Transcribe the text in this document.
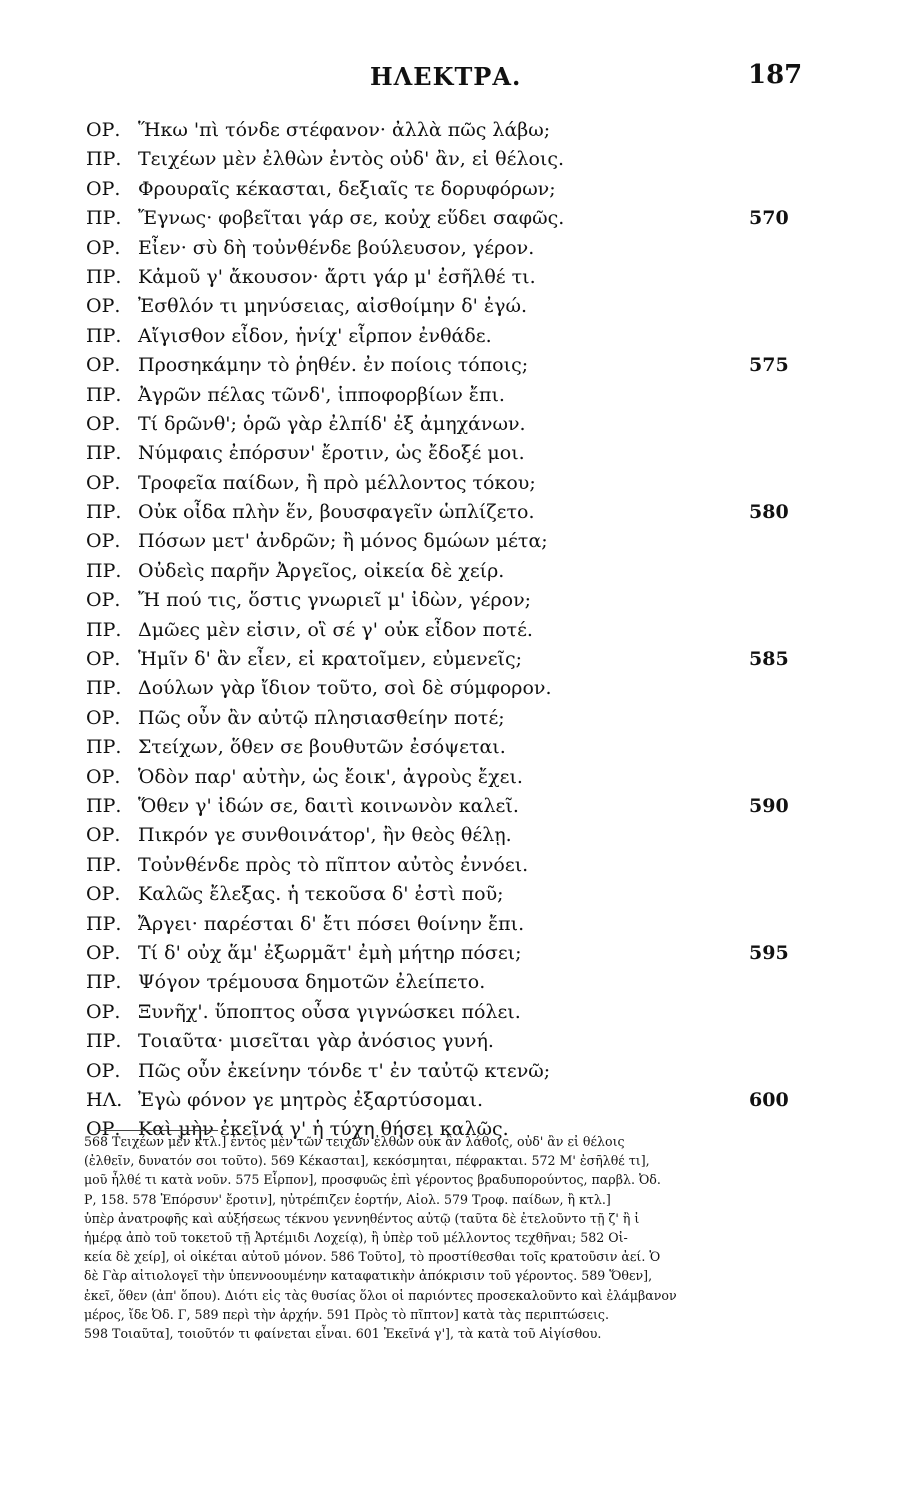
ΗΛΕΚΤΡΑ.	187
ΟΡ. Ἥκω 'πὶ τόνδε στέφανον· ἀλλὰ πῶς λάβω;
ΠΡ. Τειχέων μὲν ἐλθὼν ἐντὸς οὐδ' ἂν, εἰ θέλοις.
ΟΡ. Φρουραῖς κέκασται, δεξιαῖς τε δορυφόρων;
ΠΡ. Ἔγνως· φοβεῖται γάρ σε, κοὐχ εὕδει σαφῶς.	570
ΟΡ. Εἶεν· σὺ δὴ τοὐνθένδε βούλευσον, γέρον.
ΠΡ. Κἀμοῦ γ' ἄκουσον· ἄρτι γάρ μ' ἐσῆλθέ τι.
ΟΡ. Ἐσθλόν τι μηνύσειας, αἰσθοίμην δ' ἐγώ.
ΠΡ. Αἴγισθον εἶδον, ἡνίχ' εἷρπον ἐνθάδε.
ΟΡ. Προσηκάμην τὸ ῥηθέν. ἐν ποίοις τόποις;	575
ΠΡ. Ἀγρῶν πέλας τῶνδ', ἱπποφορβίων ἔπι.
ΟΡ. Τί δρῶνθ'; ὁρῶ γὰρ ἐλπίδ' ἐξ ἀμηχάνων.
ΠΡ. Νύμφαις ἐπόρσυν' ἔροτιν, ὡς ἔδοξέ μοι.
ΟΡ. Τροφεῖα παίδων, ἢ πρὸ μέλλοντος τόκου;
ΠΡ. Οὐκ οἶδα πλὴν ἕν, βουσφαγεῖν ὡπλίζετο.	580
ΟΡ. Πόσων μετ' ἀνδρῶν; ἢ μόνος δμώων μέτα;
ΠΡ. Οὐδεὶς παρῆν Ἀργεῖος, οἰκεία δὲ χείρ.
ΟΡ. Ἤ πού τις, ὅστις γνωριεῖ μ' ἰδὼν, γέρον;
ΠΡ. Δμῶες μὲν εἰσιν, οἳ σέ γ' οὐκ εἶδον ποτέ.
ΟΡ. Ἡμῖν δ' ἂν εἶεν, εἰ κρατοῖμεν, εὐμενεῖς;	585
ΠΡ. Δούλων γὰρ ἴδιον τοῦτο, σοὶ δὲ σύμφορον.
ΟΡ. Πῶς οὖν ἂν αὐτῷ πλησιασθείην ποτέ;
ΠΡ. Στείχων, ὅθεν σε βουθυτῶν ἐσόψεται.
ΟΡ. Ὁδὸν παρ' αὐτὴν, ὡς ἔοικ', ἀγροὺς ἔχει.
ΠΡ. Ὅθεν γ' ἰδών σε, δαιτὶ κοινωνὸν καλεῖ.	590
ΟΡ. Πικρόν γε συνθοινάτορ', ἢν θεὸς θέλῃ.
ΠΡ. Τοὐνθένδε πρὸς τὸ πῖπτον αὐτὸς ἐννόει.
ΟΡ. Καλῶς ἔλεξας. ἡ τεκοῦσα δ' ἐστὶ ποῦ;
ΠΡ. Ἄργει· παρέσται δ' ἔτι πόσει θοίνην ἔπι.
ΟΡ. Τί δ' οὐχ ἅμ' ἐξωρμᾶτ' ἐμὴ μήτηρ πόσει;	595
ΠΡ. Ψόγον τρέμουσα δημοτῶν ἐλείπετο.
ΟΡ. Ξυνῆχ'. ὕποπτος οὖσα γιγνώσκει πόλει.
ΠΡ. Τοιαῦτα· μισεῖται γὰρ ἀνόσιος γυνή.
ΟΡ. Πῶς οὖν ἐκείνην τόνδε τ' ἐν ταὐτῷ κτενῶ;
ΗΛ. Ἐγὼ φόνον γε μητρὸς ἐξαρτύσομαι.	600
ΟΡ. Καὶ μὴν ἐκεῖνά γ' ἡ τύχη θήσει καλῶς.
568 Τειχέων μὲν κτλ.] ἐντὸς μὲν τῶν τειχῶν ἐλθὼν οὐκ ἂν λάθοις, οὐδ' ἂν εἰ θέλοις
(ἐλθεῖν, δυνατόν σοι τοῦτο). 569 Κέκασται], κεκόσμηται, πέφρακται. 572 Μ' ἐσῆλθέ τι],
μοῦ ἦλθέ τι κατὰ νοῦν. 575 Εἷρπον], προσφυῶς ἐπὶ γέροντος βραδυπορούντος, παρβλ. Ὀδ.
Ρ, 158. 578 Ἐπόρσυν' ἔροτιν], ηὐτρέπιζεν ἑορτήν, Αἰολ. 579 Τροφ. παίδων, ἢ κτλ.]
ὑπὲρ ἀνατροφῆς καὶ αὐξήσεως τέκνου γεννηθέντος αὐτῷ (ταῦτα δὲ ἐτελοῦντο τῇ ζ' ἢ ἰ
ἡμέρᾳ ἀπὸ τοῦ τοκετοῦ τῇ Ἀρτέμιδι Λοχείᾳ), ἢ ὑπὲρ τοῦ μέλλοντος τεχθῆναι; 582 Οἰ-
κεία δὲ χείρ], οἱ οἰκέται αὐτοῦ μόνον. 586 Τοῦτο], τὸ προστίθεσθαι τοῖς κρατοῦσιν ἀεί. Ὁ
δὲ Γὰρ αἰτιολογεῖ τὴν ὑπεννοουμένην καταφατικὴν ἀπόκρισιν τοῦ γέροντος. 589 Ὅθεν],
ἐκεῖ, ὅθεν (ἀπ' ὅπου). Διότι εἰς τὰς θυσίας ὅλοι οἱ παριόντες προσεκαλοῦντο καὶ ἐλάμβανον
μέρος, ἴδε Ὀδ. Γ, 589 περὶ τὴν ἀρχήν. 591 Πρὸς τὸ πῖπτον] κατὰ τὰς περιπτώσεις.
598 Τοιαῦτα], τοιοῦτόν τι φαίνεται εἶναι. 601 Ἐκεῖνά γ'], τὰ κατὰ τοῦ Αἰγίσθου.
